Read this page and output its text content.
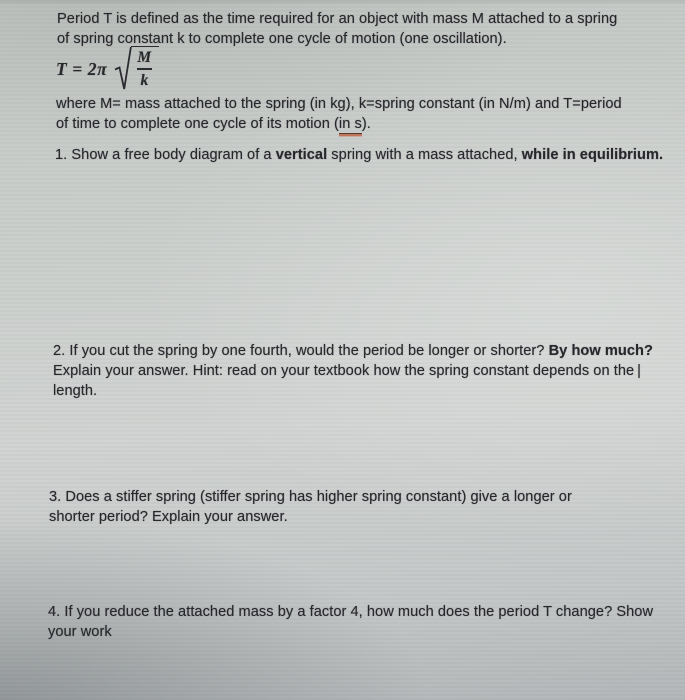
Period T is defined as the time required for an object with mass M attached to a spring
of spring constant k to complete one cycle of motion (one oscillation).

$T = 2\pi \frac{M}{k}$

where M= mass attached to the spring (in kg), k=spring constant (in N/m) and T=period
of time to complete one cycle of its motion (in s).

1. Show a free body diagram of a vertical spring with a mass attached, while in equilibrium.

2. If you cut the spring by one fourth, would the period be longer or shorter? By how much?
Explain your answer. Hint: read on your textbook how the spring constant depends on the |
length.

3. Does a stiffer spring (stiffer spring has higher spring constant) give a longer or
shorter period? Explain your answer.

4. If you reduce the attached mass by a factor 4, how much does the period T change? Show
your work
